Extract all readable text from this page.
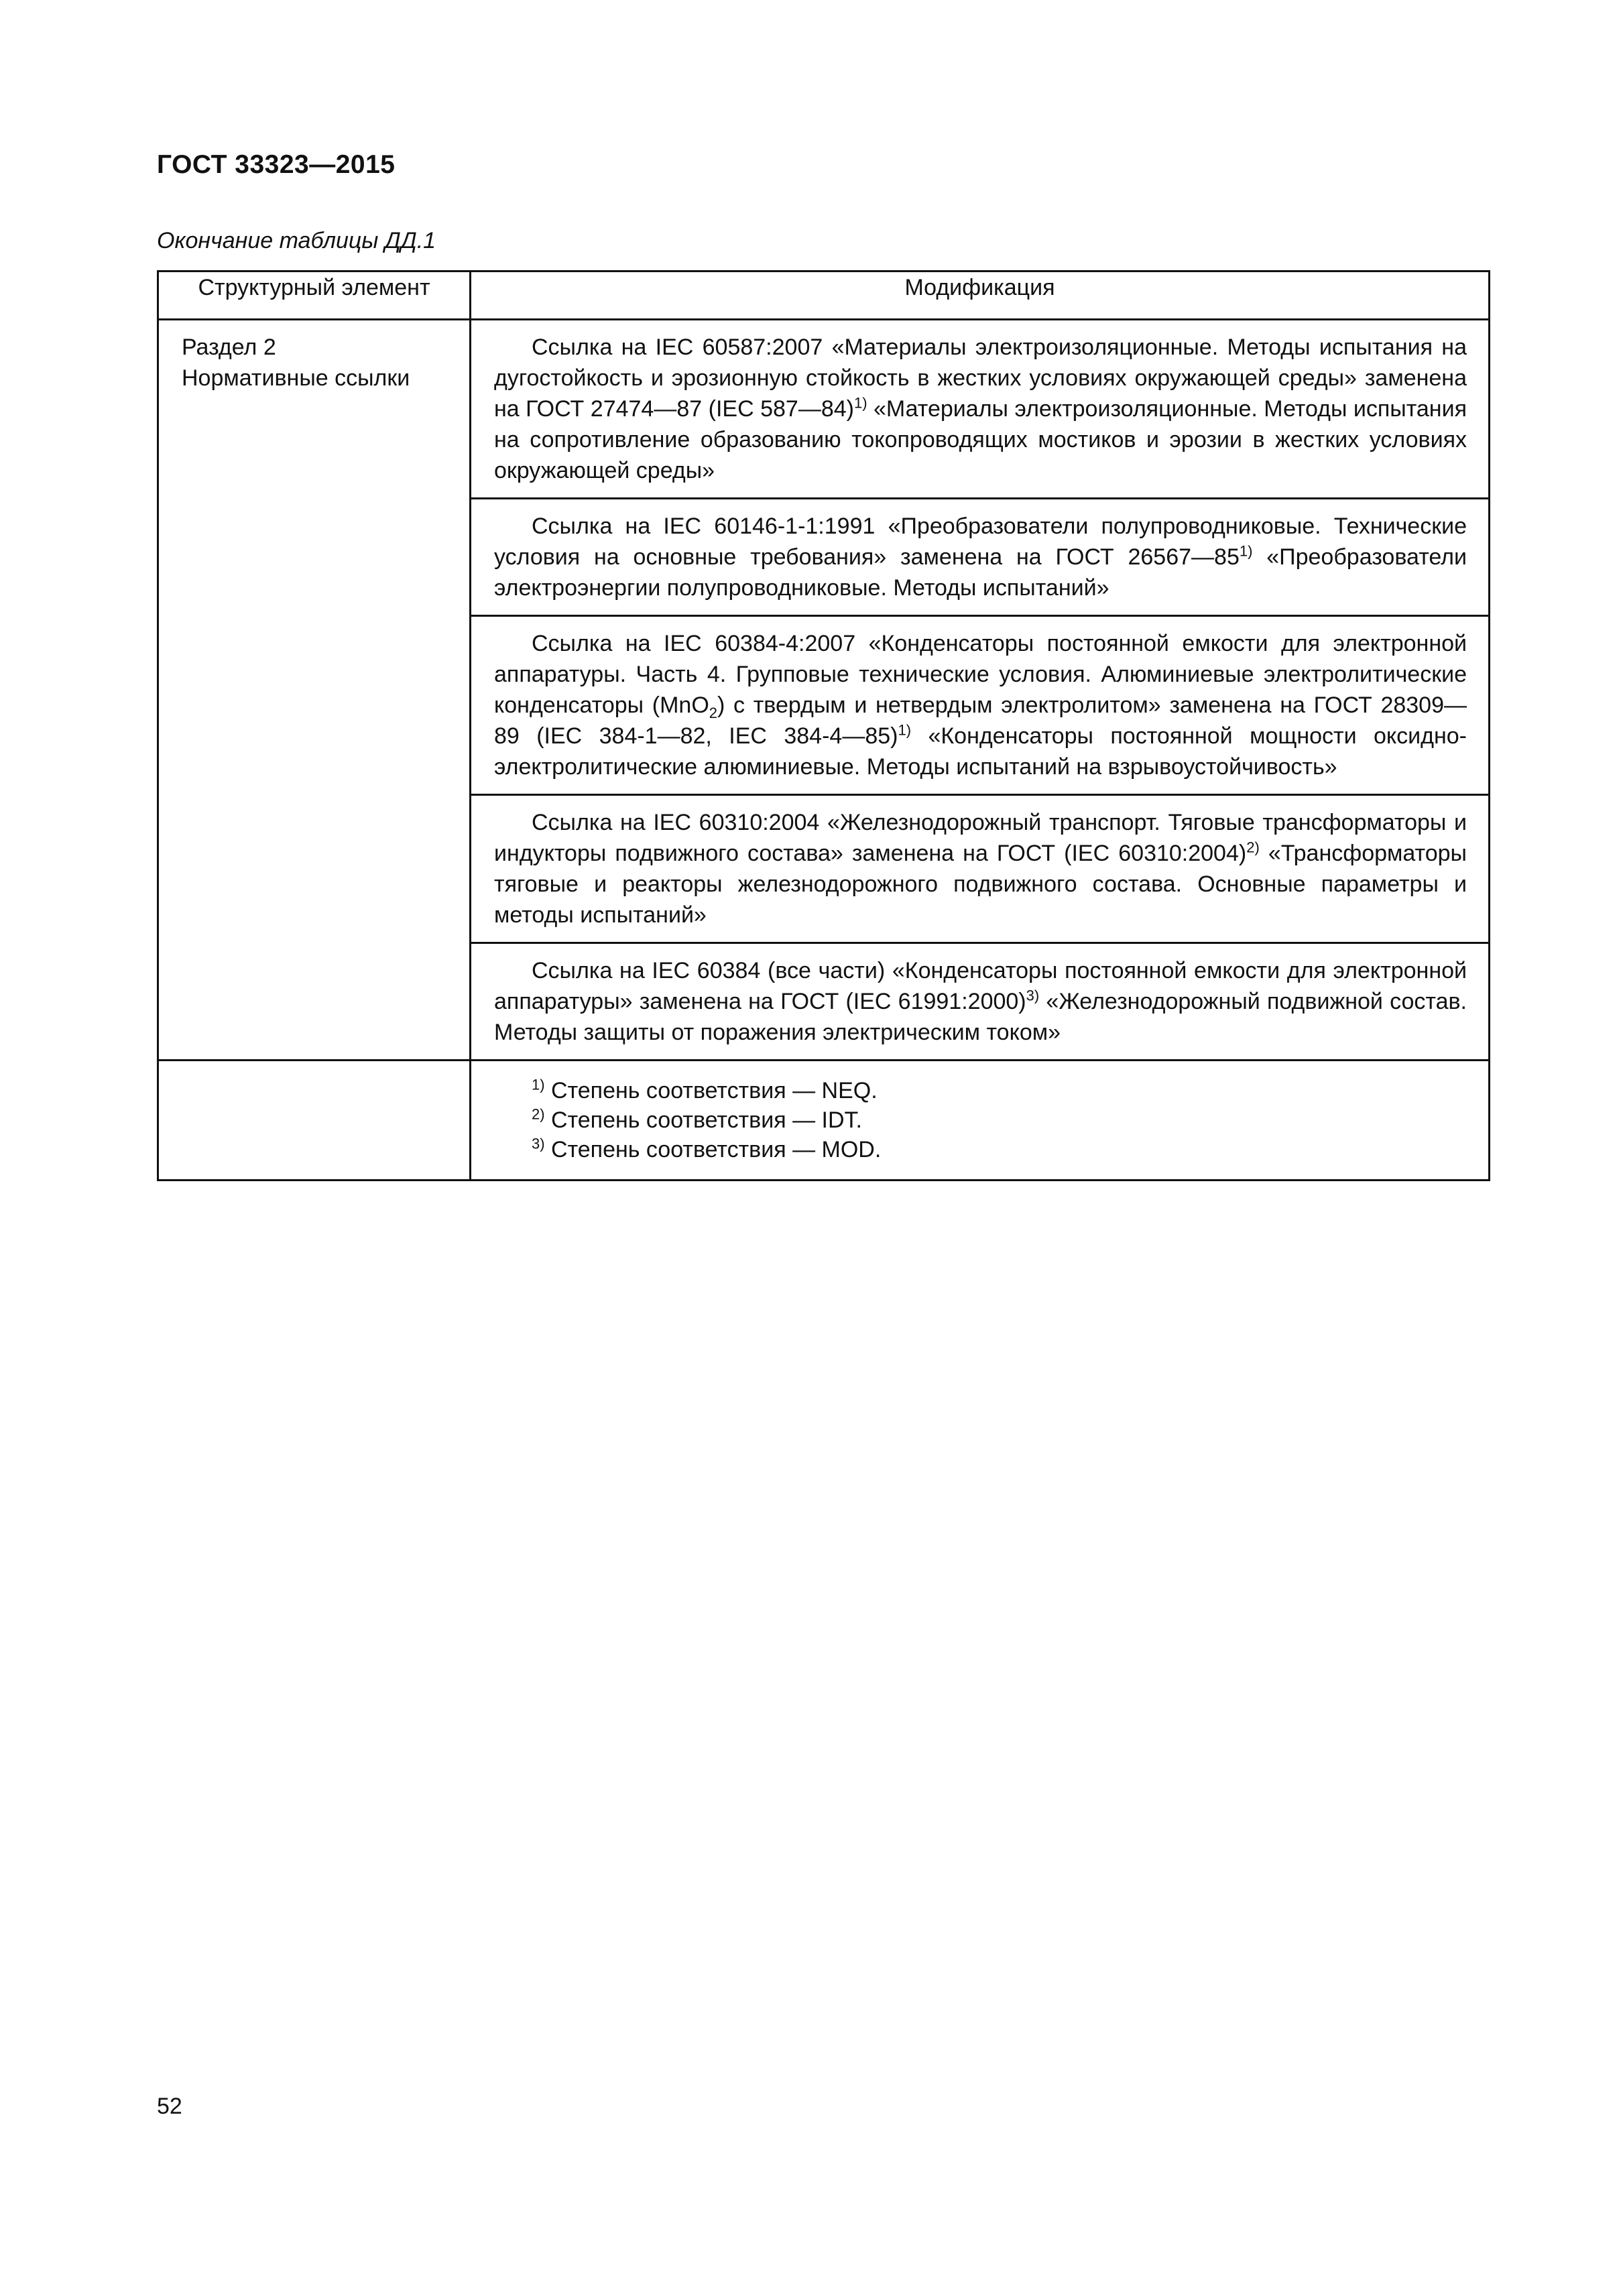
ГОСТ 33323—2015

Окончание таблицы ДД.1

Структурный элемент	Модификация

Раздел 2
Нормативные ссылки	Ссылка на IEC 60587:2007 «Материалы электроизоляционные. Методы испытания на дугостойкость и эрозионную стойкость в жестких условиях окружающей среды» заменена на ГОСТ 27474—87 (IEC 587—84)$^{1)}$ «Материалы электроизоляционные. Методы испытания на сопротивление образованию токопроводящих мостиков и эрозии в жестких условиях окружающей среды»

	Ссылка на IEC 60146-1-1:1991 «Преобразователи полупроводниковые. Технические условия на основные требования» заменена на ГОСТ 26567—85$^{1)}$ «Преобразователи электроэнергии полупроводниковые. Методы испытаний»

	Ссылка на IEC 60384-4:2007 «Конденсаторы постоянной емкости для электронной аппаратуры. Часть 4. Групповые технические условия. Алюминиевые электролитические конденсаторы (MnO$_2$) с твердым и нетвердым электролитом» заменена на ГОСТ 28309—89 (IEC 384-1—82, IEC 384-4—85)$^{1)}$ «Конденсаторы постоянной мощности оксидно-электролитические алюминиевые. Методы испытаний на взрывоустойчивость»

	Ссылка на IEC 60310:2004 «Железнодорожный транспорт. Тяговые трансформаторы и индукторы подвижного состава» заменена на ГОСТ (IEC 60310:2004)$^{2)}$ «Трансформаторы тяговые и реакторы железнодорожного подвижного состава. Основные параметры и методы испытаний»

	Ссылка на IEC 60384 (все части) «Конденсаторы постоянной емкости для электронной аппаратуры» заменена на ГОСТ (IEC 61991:2000)$^{3)}$ «Железнодорожный подвижной состав. Методы защиты от поражения электрическим током»

	$^{1)}$ Степень соответствия — NEQ.
$^{2)}$ Степень соответствия — IDT.
$^{3)}$ Степень соответствия — MOD.

52
